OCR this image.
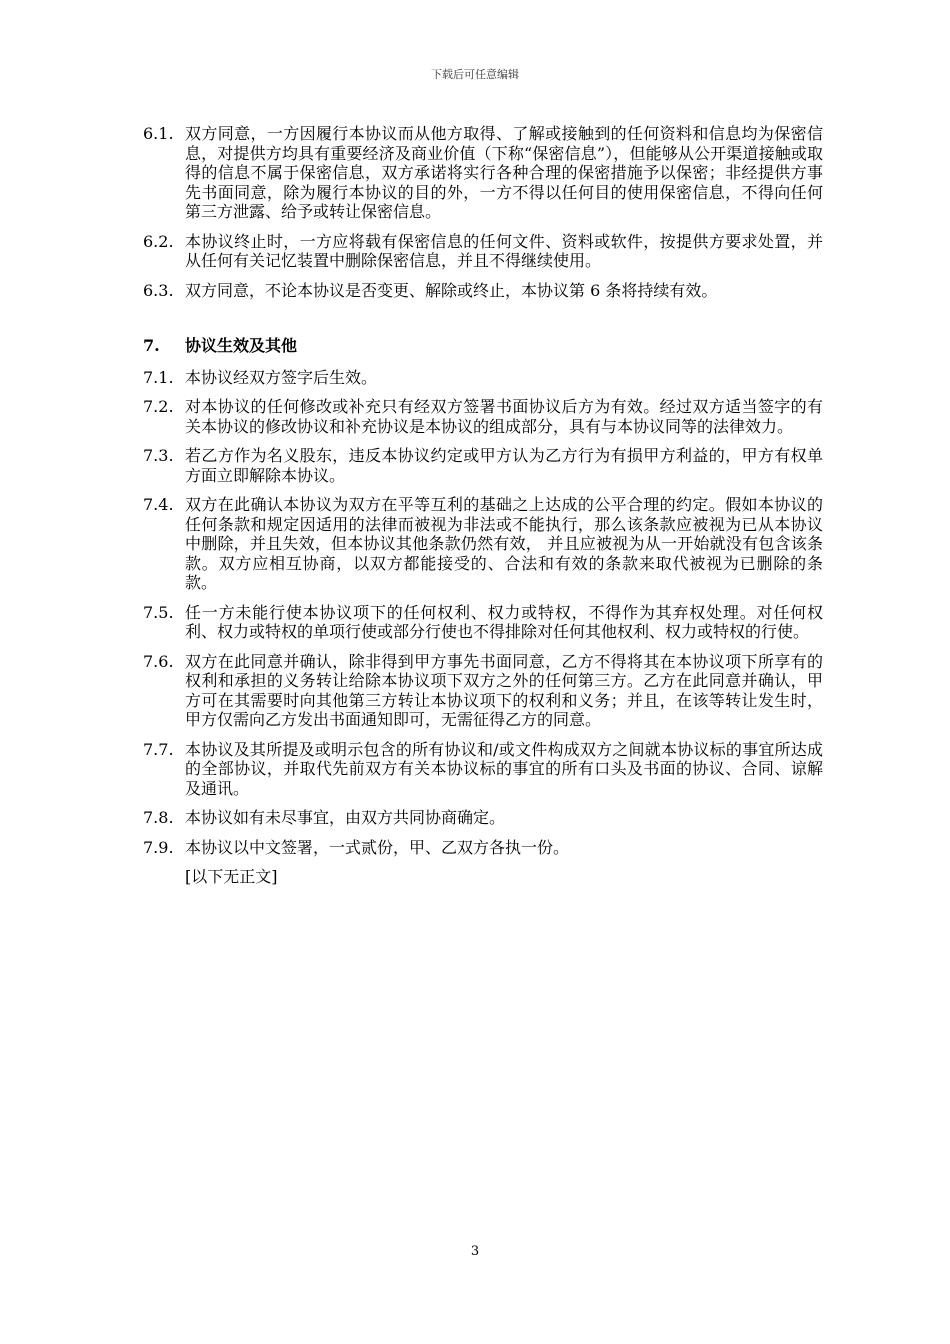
下载后可任意编辑
6.1. 双方同意，一方因履行本协议而从他方取得、了解或接触到的任何资料和信息均为保密信息，对提供方均具有重要经济及商业价值（下称“保密信息”），但能够从公开渠道接触或取得的信息不属于保密信息，双方承诺将实行各种合理的保密措施予以保密；非经提供方事先书面同意，除为履行本协议的目的外，一方不得以任何目的使用保密信息，不得向任何第三方泄露、给予或转让保密信息。
6.2. 本协议终止时，一方应将载有保密信息的任何文件、资料或软件，按提供方要求处置，并从任何有关记忆装置中删除保密信息，并且不得继续使用。
6.3. 双方同意，不论本协议是否变更、解除或终止，本协议第 6 条将持续有效。
7.	协议生效及其他
7.1. 本协议经双方签字后生效。
7.2. 对本协议的任何修改或补充只有经双方签署书面协议后方为有效。经过双方适当签字的有关本协议的修改协议和补充协议是本协议的组成部分，具有与本协议同等的法律效力。
7.3. 若乙方作为名义股东，违反本协议约定或甲方认为乙方行为有损甲方利益的，甲方有权单方面立即解除本协议。
7.4. 双方在此确认本协议为双方在平等互利的基础之上达成的公平合理的约定。假如本协议的任何条款和规定因适用的法律而被视为非法或不能执行，那么该条款应被视为已从本协议中删除，并且失效，但本协议其他条款仍然有效， 并且应被视为从一开始就没有包含该条款。双方应相互协商，以双方都能接受的、合法和有效的条款来取代被视为已删除的条款。
7.5. 任一方未能行使本协议项下的任何权利、权力或特权，不得作为其弃权处理。对任何权利、权力或特权的单项行使或部分行使也不得排除对任何其他权利、权力或特权的行使。
7.6. 双方在此同意并确认，除非得到甲方事先书面同意，乙方不得将其在本协议项下所享有的权利和承担的义务转让给除本协议项下双方之外的任何第三方。乙方在此同意并确认，甲方可在其需要时向其他第三方转让本协议项下的权利和义务；并且，在该等转让发生时，甲方仅需向乙方发出书面通知即可，无需征得乙方的同意。
7.7. 本协议及其所提及或明示包含的所有协议和/或文件构成双方之间就本协议标的事宜所达成的全部协议，并取代先前双方有关本协议标的事宜的所有口头及书面的协议、合同、谅解及通讯。
7.8. 本协议如有未尽事宜，由双方共同协商确定。
7.9. 本协议以中文签署，一式贰份，甲、乙双方各执一份。
[以下无正文]
3
